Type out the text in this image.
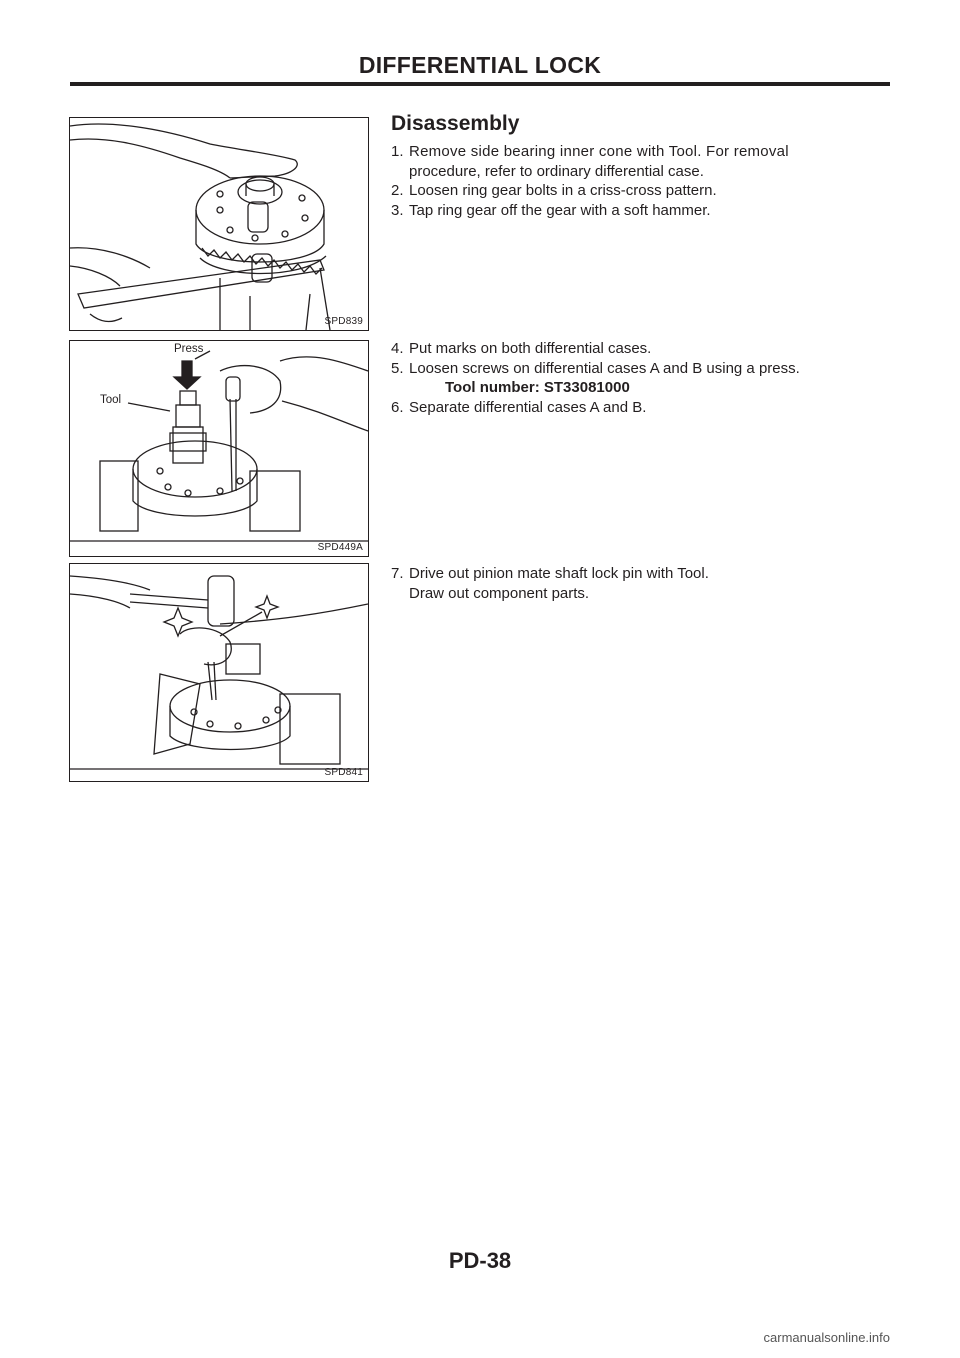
DIFFERENTIAL LOCK
SPD839
Press
Tool
SPD449A
SPD841
Disassembly

1. Remove side bearing inner cone with Tool. For removal
procedure, refer to ordinary differential case.

2. Loosen ring gear bolts in a criss-cross pattern.

3. Tap ring gear off the gear with a soft hammer.

4. Put marks on both differential cases.

5. Loosen screws on differential cases A and B using a press.

Tool number: ST33081000

6. Separate differential cases A and B.

7. Drive out pinion mate shaft lock pin with Tool.
Draw out component parts.

PD-38
carmanualsonline.info
